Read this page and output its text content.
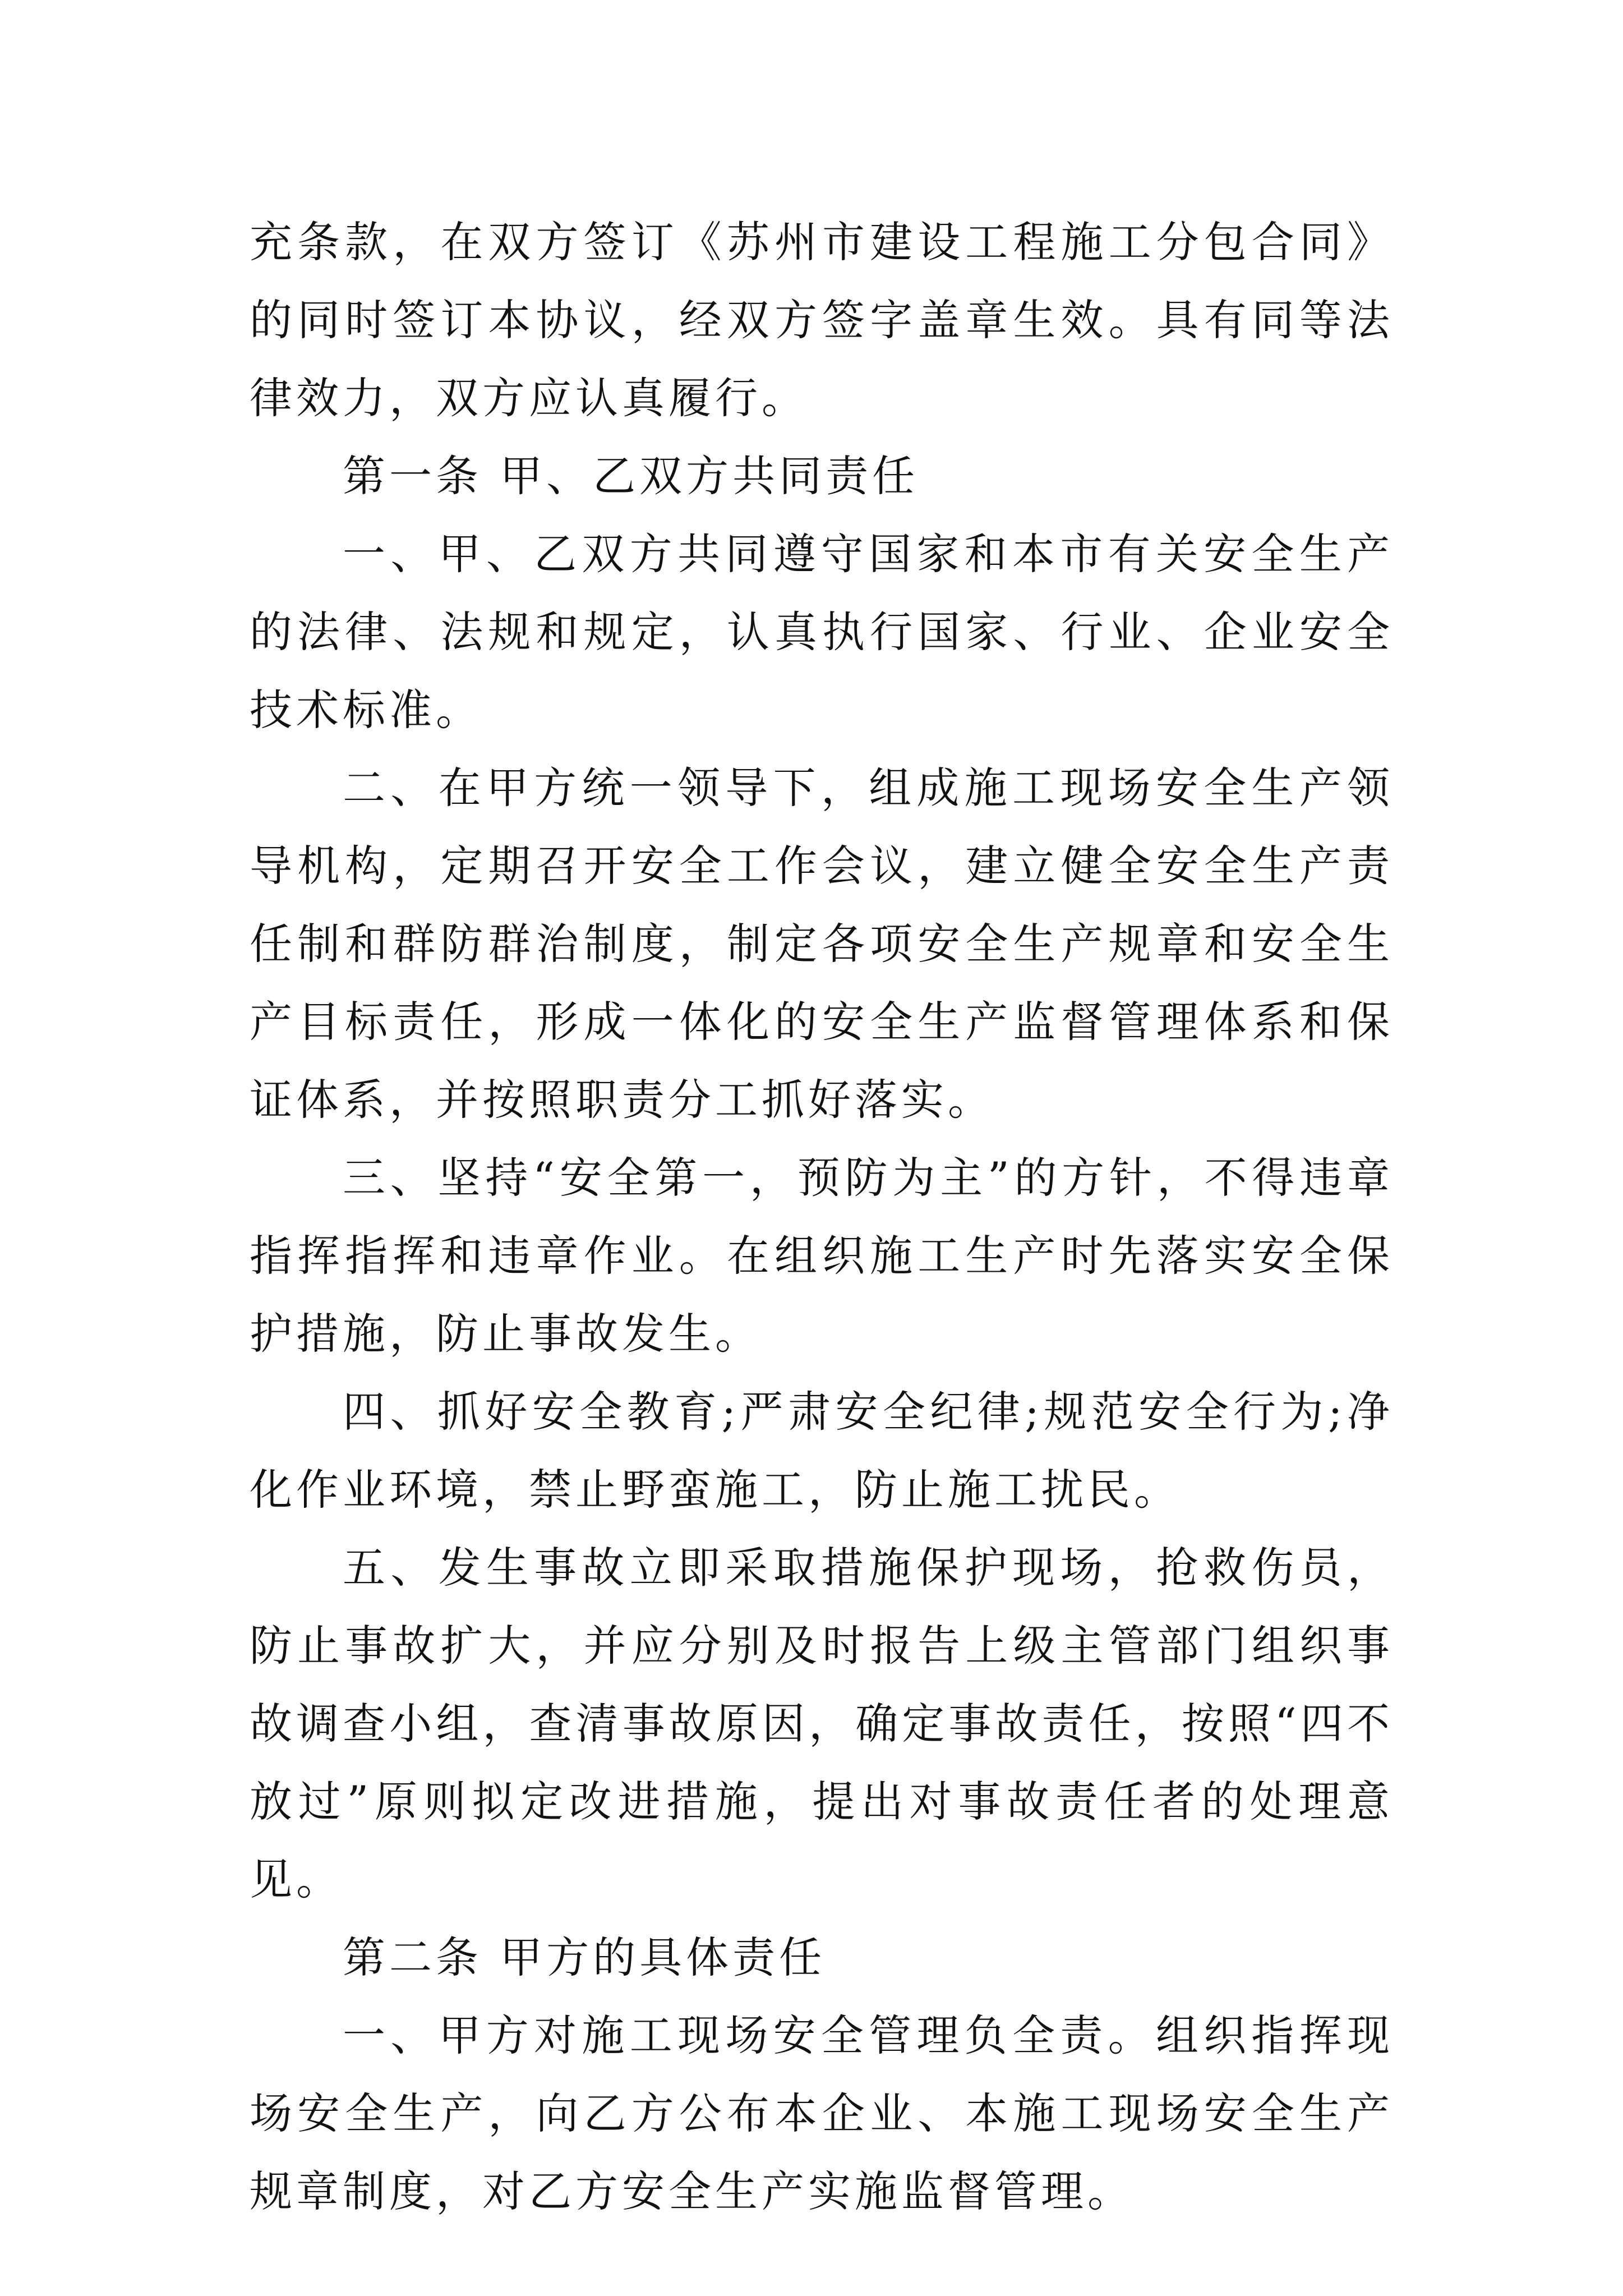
充条款，在双方签订《苏州市建设工程施工分包合同》的同时签订本协议，经双方签字盖章生效。具有同等法律效力，双方应认真履行。

第一条 甲、乙双方共同责任

一、甲、乙双方共同遵守国家和本市有关安全生产的法律、法规和规定，认真执行国家、行业、企业安全技术标准。

二、在甲方统一领导下，组成施工现场安全生产领导机构，定期召开安全工作会议，建立健全安全生产责任制和群防群治制度，制定各项安全生产规章和安全生产目标责任，形成一体化的安全生产监督管理体系和保证体系，并按照职责分工抓好落实。

三、坚持“安全第一，预防为主”的方针，不得违章指挥指挥和违章作业。在组织施工生产时先落实安全保护措施，防止事故发生。

四、抓好安全教育;严肃安全纪律;规范安全行为;净化作业环境，禁止野蛮施工，防止施工扰民。

五、发生事故立即采取措施保护现场，抢救伤员，防止事故扩大，并应分别及时报告上级主管部门组织事故调查小组，查清事故原因，确定事故责任，按照“四不放过”原则拟定改进措施，提出对事故责任者的处理意见。

第二条 甲方的具体责任

一、甲方对施工现场安全管理负全责。组织指挥现场安全生产，向乙方公布本企业、本施工现场安全生产规章制度，对乙方安全生产实施监督管理。
